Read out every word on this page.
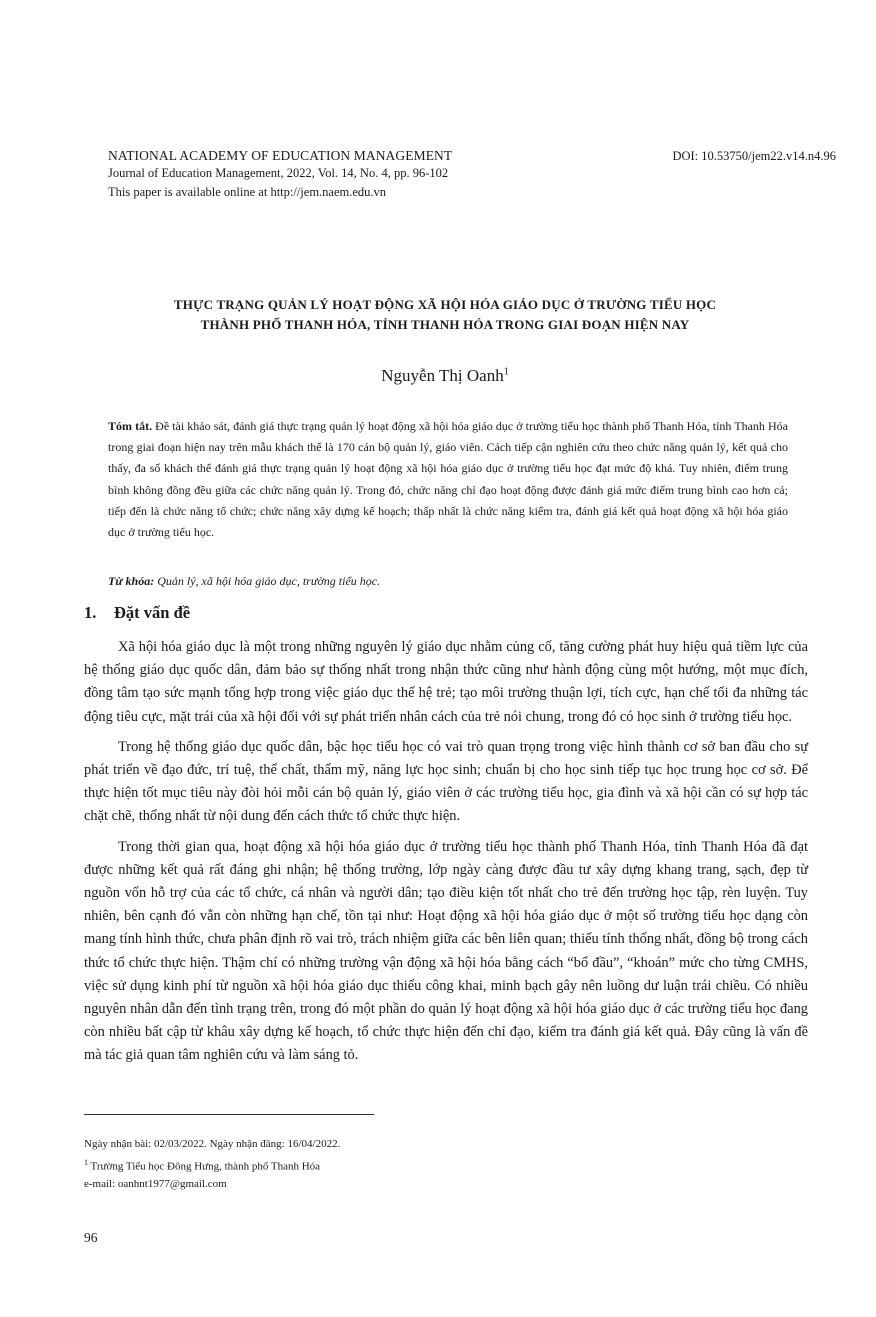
NATIONAL ACADEMY OF EDUCATION MANAGEMENT	DOI: 10.53750/jem22.v14.n4.96
Journal of Education Management, 2022, Vol. 14, No. 4, pp. 96-102
This paper is available online at http://jem.naem.edu.vn
THỰC TRẠNG QUẢN LÝ HOẠT ĐỘNG XÃ HỘI HÓA GIÁO DỤC Ở TRƯỜNG TIỂU HỌC
THÀNH PHỐ THANH HÓA, TỈNH THANH HÓA TRONG GIAI ĐOẠN HIỆN NAY
Nguyễn Thị Oanh$^1$
Tóm tắt. Đề tài khảo sát, đánh giá thực trạng quản lý hoạt động xã hội hóa giáo dục ở trường tiểu học thành phố Thanh Hóa, tỉnh Thanh Hóa trong giai đoạn hiện nay trên mẫu khách thể là 170 cán bộ quản lý, giáo viên. Cách tiếp cận nghiên cứu theo chức năng quản lý, kết quả cho thấy, đa số khách thể đánh giá thực trạng quản lý hoạt động xã hội hóa giáo dục ở trường tiểu học đạt mức độ khá. Tuy nhiên, điểm trung bình không đồng đều giữa các chức năng quản lý. Trong đó, chức năng chỉ đạo hoạt động được đánh giá mức điểm trung bình cao hơn cả; tiếp đến là chức năng tổ chức; chức năng xây dựng kế hoạch; thấp nhất là chức năng kiểm tra, đánh giá kết quả hoạt động xã hội hóa giáo dục ở trường tiểu học.
Từ khóa: Quản lý, xã hội hóa giáo dục, trường tiểu học.
1. Đặt vấn đề

Xã hội hóa giáo dục là một trong những nguyên lý giáo dục nhằm củng cố, tăng cường phát huy hiệu quả tiềm lực của hệ thống giáo dục quốc dân, đảm bảo sự thống nhất trong nhận thức cũng như hành động cùng một hướng, một mục đích, đồng tâm tạo sức mạnh tổng hợp trong việc giáo dục thế hệ trẻ; tạo môi trường thuận lợi, tích cực, hạn chế tối đa những tác động tiêu cực, mặt trái của xã hội đối với sự phát triển nhân cách của trẻ nói chung, trong đó có học sinh ở trường tiểu học.

Trong hệ thống giáo dục quốc dân, bậc học tiểu học có vai trò quan trọng trong việc hình thành cơ sở ban đầu cho sự phát triển về đạo đức, trí tuệ, thể chất, thẩm mỹ, năng lực học sinh; chuẩn bị cho học sinh tiếp tục học trung học cơ sở. Để thực hiện tốt mục tiêu này đòi hỏi mỗi cán bộ quản lý, giáo viên ở các trường tiểu học, gia đình và xã hội cần có sự hợp tác chặt chẽ, thống nhất từ nội dung đến cách thức tổ chức thực hiện.

Trong thời gian qua, hoạt động xã hội hóa giáo dục ở trường tiểu học thành phố Thanh Hóa, tỉnh Thanh Hóa đã đạt được những kết quả rất đáng ghi nhận; hệ thống trường, lớp ngày càng được đầu tư xây dựng khang trang, sạch, đẹp từ nguồn vốn hỗ trợ của các tổ chức, cá nhân và người dân; tạo điều kiện tốt nhất cho trẻ đến trường học tập, rèn luyện. Tuy nhiên, bên cạnh đó vẫn còn những hạn chế, tồn tại như: Hoạt động xã hội hóa giáo dục ở một số trường tiểu học dạng còn mang tính hình thức, chưa phân định rõ vai trò, trách nhiệm giữa các bên liên quan; thiếu tính thống nhất, đồng bộ trong cách thức tổ chức thực hiện. Thậm chí có những trường vận động xã hội hóa bằng cách “bổ đầu”, “khoán” mức cho từng CMHS, việc sử dụng kinh phí từ nguồn xã hội hóa giáo dục thiếu công khai, minh bạch gây nên luồng dư luận trái chiều. Có nhiều nguyên nhân dẫn đến tình trạng trên, trong đó một phần do quản lý hoạt động xã hội hóa giáo dục ở các trường tiểu học đang còn nhiều bất cập từ khâu xây dựng kế hoạch, tổ chức thực hiện đến chỉ đạo, kiểm tra đánh giá kết quả. Đây cũng là vấn đề mà tác giả quan tâm nghiên cứu và làm sáng tỏ.

Ngày nhận bài: 02/03/2022. Ngày nhận đăng: 16/04/2022.
$^1$ Trường Tiểu học Đông Hưng, thành phố Thanh Hóa
e-mail: oanhnt1977@gmail.com
96
